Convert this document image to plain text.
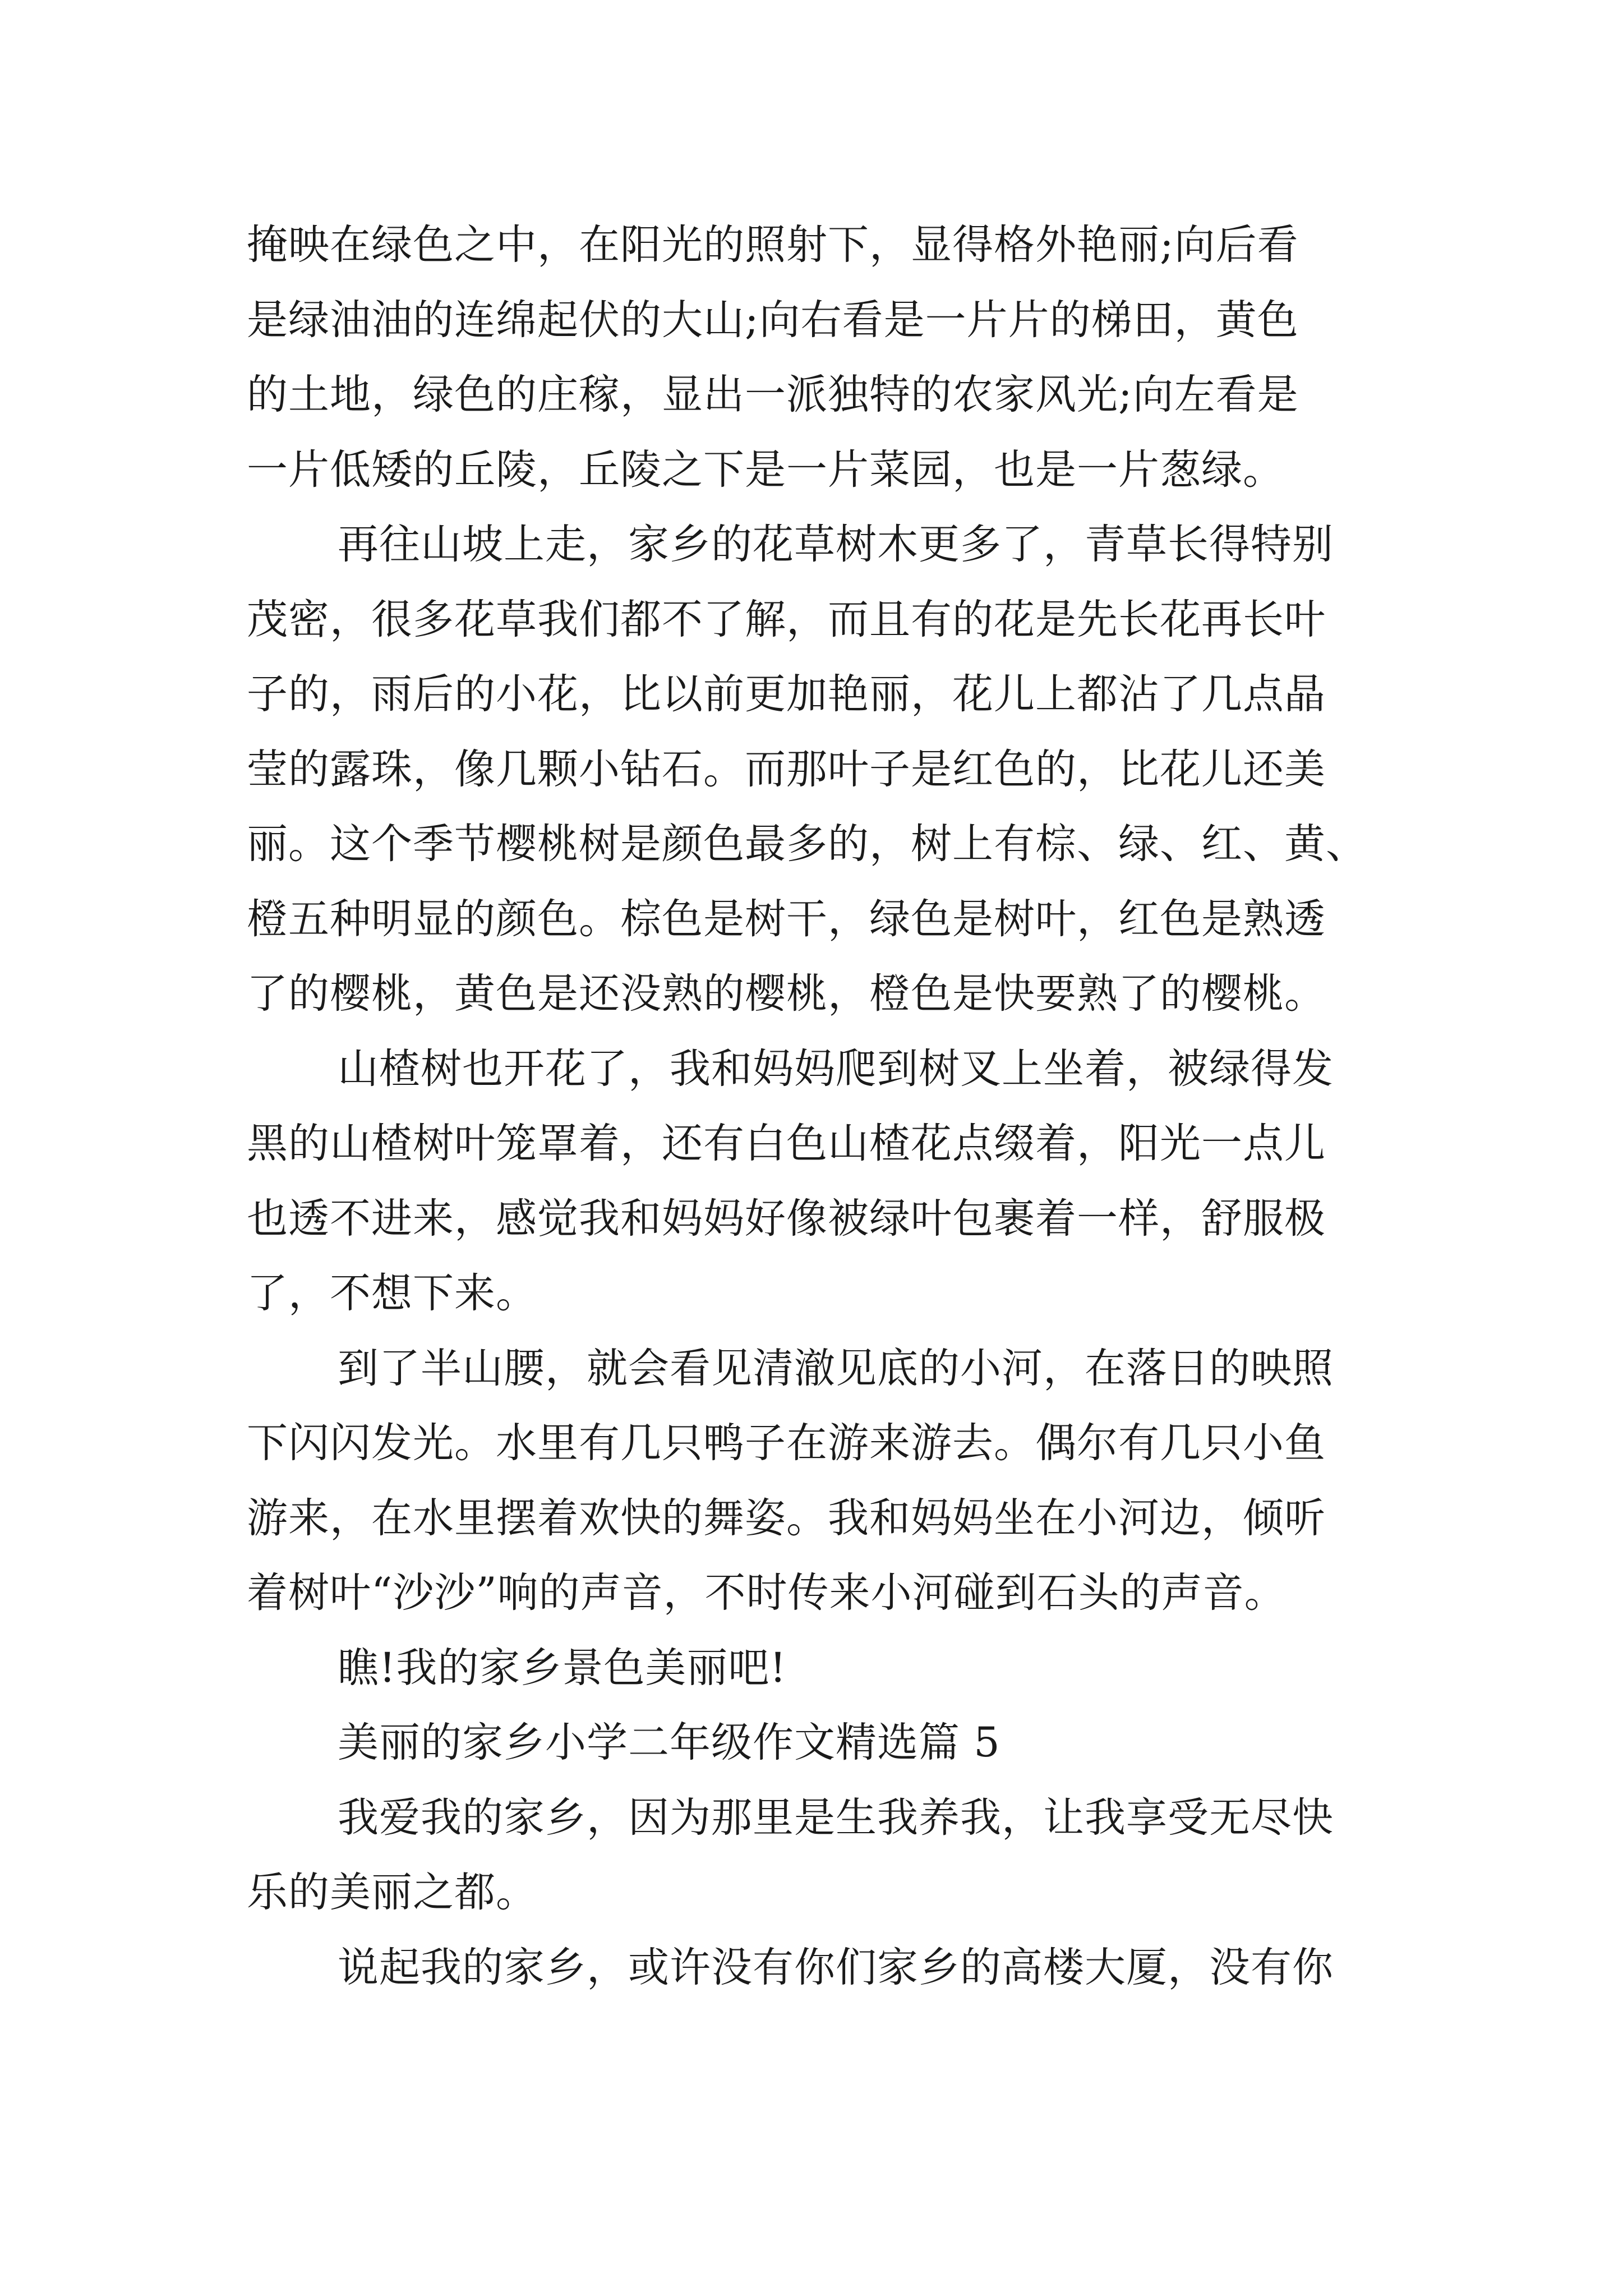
掩映在绿色之中，在阳光的照射下，显得格外艳丽;向后看

是绿油油的连绵起伏的大山;向右看是一片片的梯田，黄色

的土地，绿色的庄稼，显出一派独特的农家风光;向左看是

一片低矮的丘陵，丘陵之下是一片菜园，也是一片葱绿。

再往山坡上走，家乡的花草树木更多了，青草长得特别

茂密，很多花草我们都不了解，而且有的花是先长花再长叶

子的，雨后的小花，比以前更加艳丽，花儿上都沾了几点晶

莹的露珠，像几颗小钻石。而那叶子是红色的，比花儿还美

丽。这个季节樱桃树是颜色最多的，树上有棕、绿、红、黄、

橙五种明显的颜色。棕色是树干，绿色是树叶，红色是熟透

了的樱桃，黄色是还没熟的樱桃，橙色是快要熟了的樱桃。

山楂树也开花了，我和妈妈爬到树叉上坐着，被绿得发

黑的山楂树叶笼罩着，还有白色山楂花点缀着，阳光一点儿

也透不进来，感觉我和妈妈好像被绿叶包裹着一样，舒服极

了，不想下来。

到了半山腰，就会看见清澈见底的小河，在落日的映照

下闪闪发光。水里有几只鸭子在游来游去。偶尔有几只小鱼

游来，在水里摆着欢快的舞姿。我和妈妈坐在小河边，倾听

着树叶“沙沙”响的声音，不时传来小河碰到石头的声音。

瞧!我的家乡景色美丽吧!

美丽的家乡小学二年级作文精选篇 5

我爱我的家乡，因为那里是生我养我，让我享受无尽快

乐的美丽之都。

说起我的家乡，或许没有你们家乡的高楼大厦，没有你
